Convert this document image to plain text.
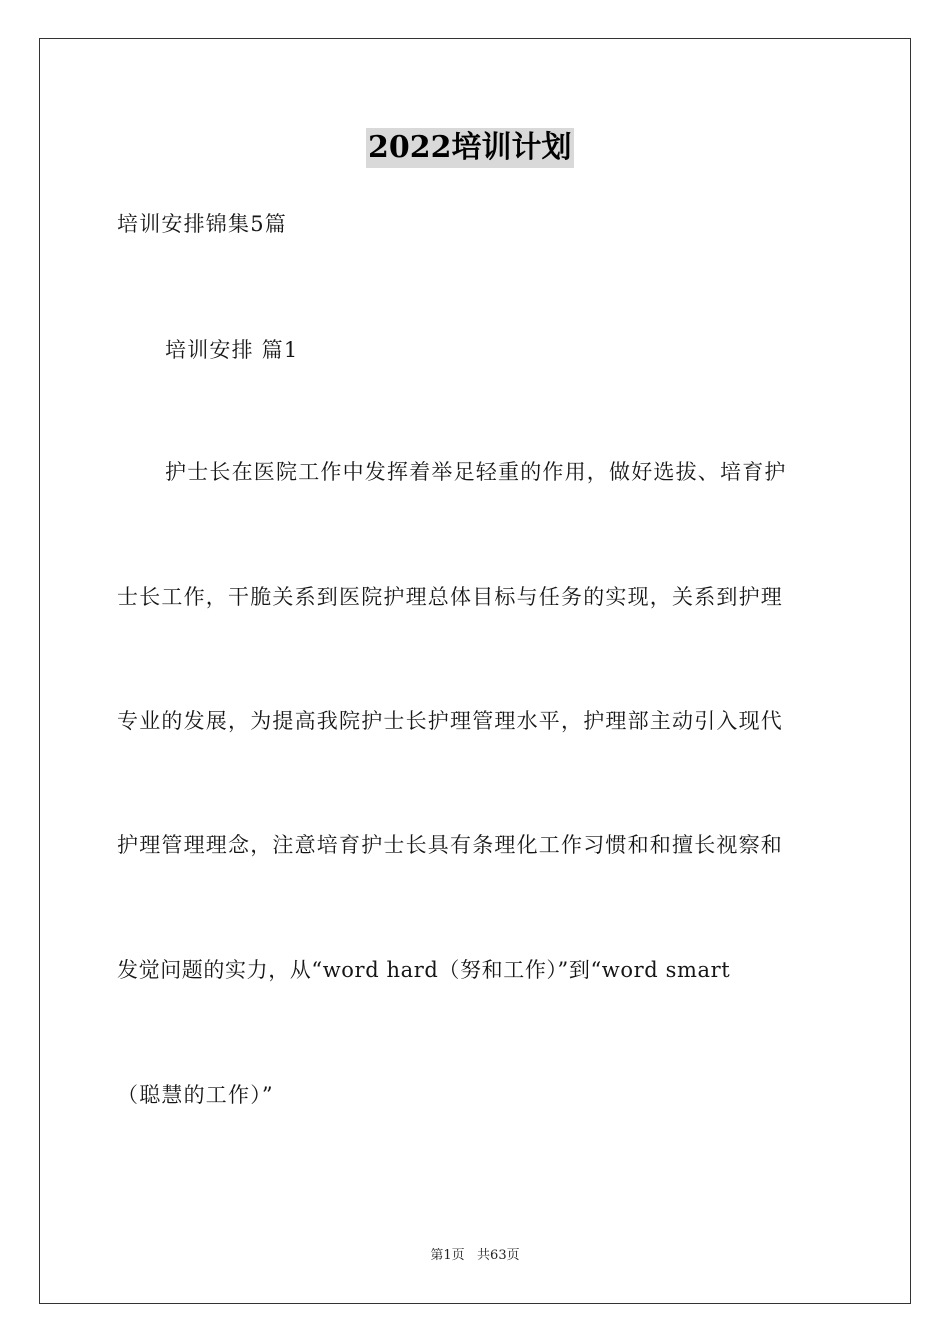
2022培训计划
培训安排锦集5篇
培训安排 篇1
护士长在医院工作中发挥着举足轻重的作用，做好选拔、培育护
士长工作，干脆关系到医院护理总体目标与任务的实现，关系到护理
专业的发展，为提高我院护士长护理管理水平，护理部主动引入现代
护理管理理念，注意培育护士长具有条理化工作习惯和和擅长视察和
发觉问题的实力，从“word hard（努和工作）”到“word smart
（聪慧的工作）”
第1页   共63页
